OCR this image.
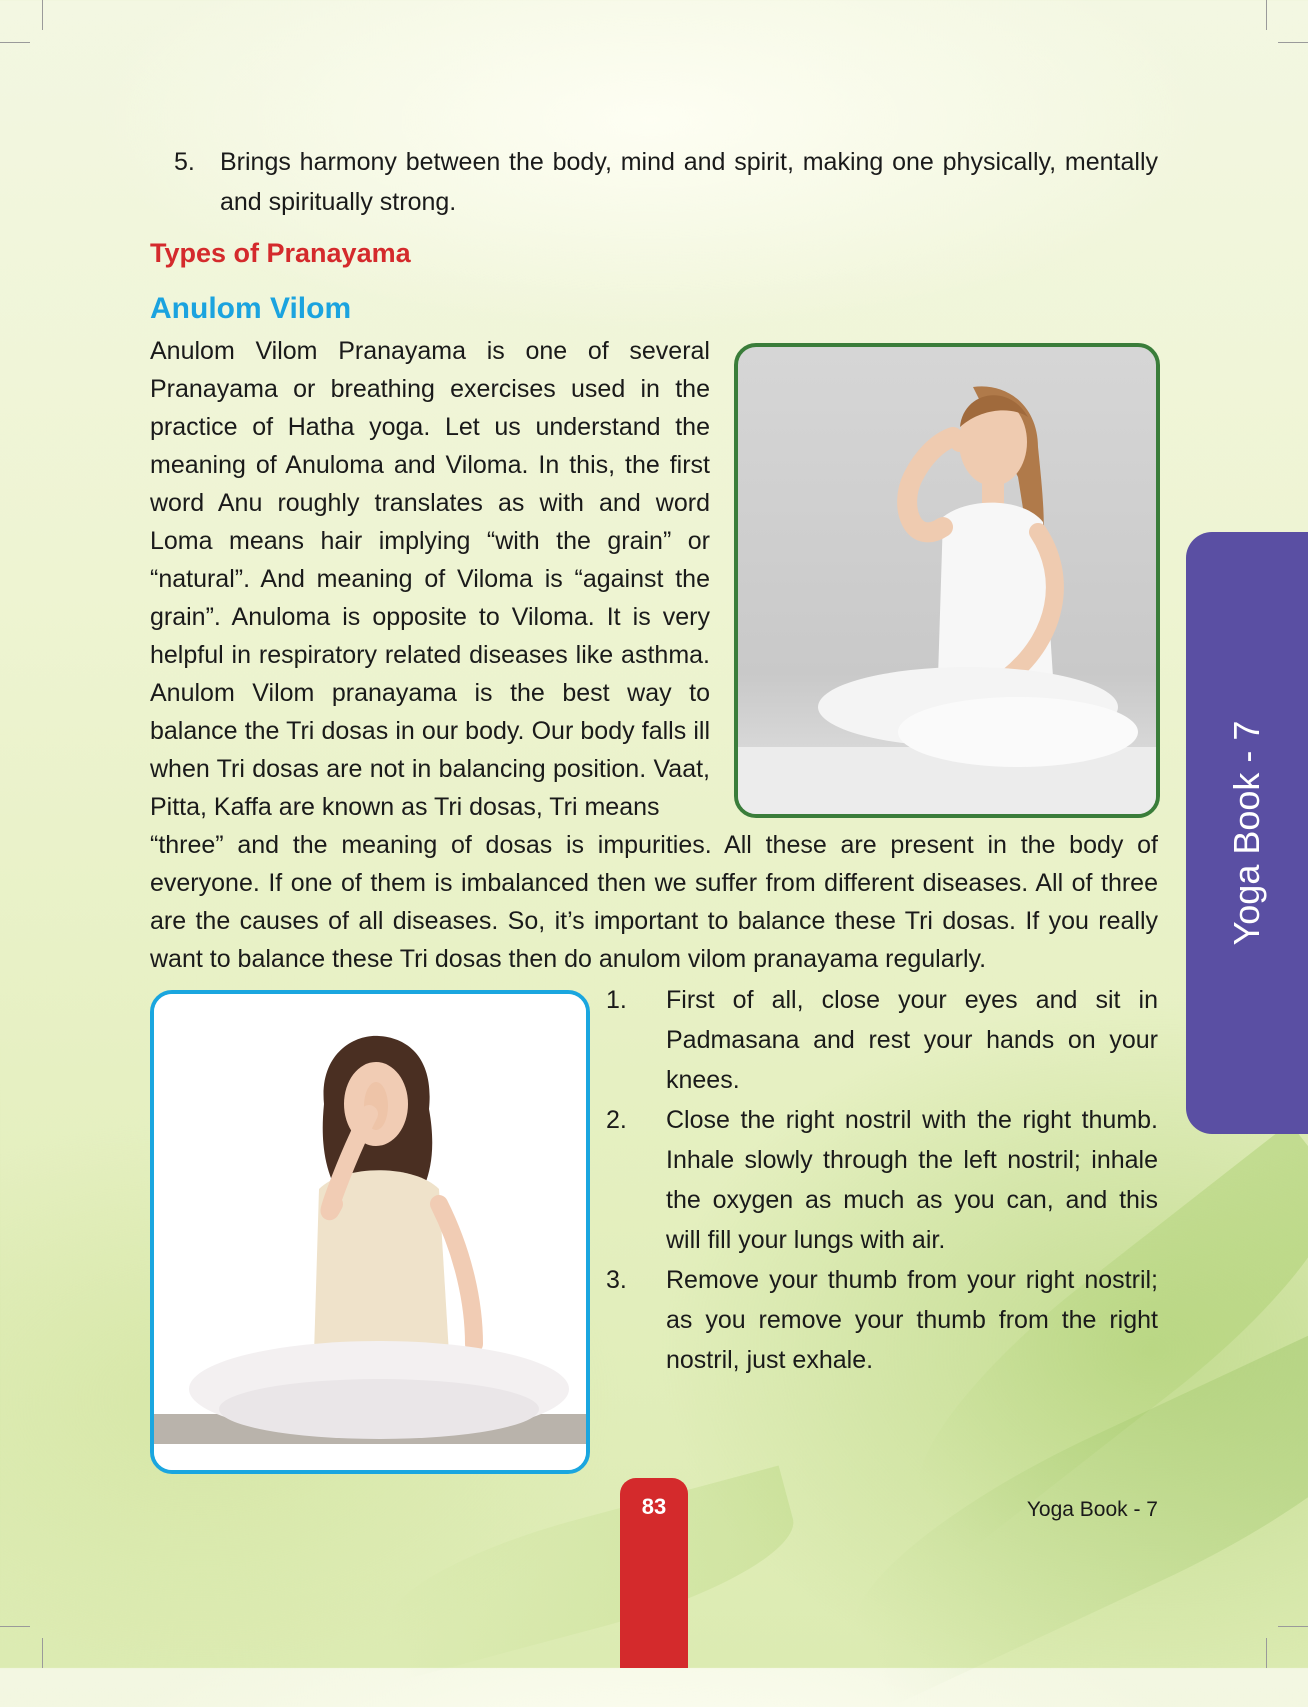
5. Brings harmony between the body, mind and spirit, making one physically, mentally and spiritually strong.
Types of Pranayama
Anulom Vilom
Anulom Vilom Pranayama is one of several Pranayama or breathing exercises used in the practice of Hatha yoga. Let us understand the meaning of Anuloma and Viloma. In this, the first word Anu roughly translates as with and word Loma means hair implying “with the grain” or “natural”. And meaning of Viloma is “against the grain”. Anuloma is opposite to Viloma. It is very helpful in respiratory related diseases like asthma. Anulom Vilom pranayama is the best way to balance the Tri dosas in our body. Our body falls ill when Tri dosas are not in balancing position. Vaat, Pitta, Kaffa are known as Tri dosas, Tri means
“three” and the meaning of dosas is impurities. All these are present in the body of everyone. If one of them is imbalanced then we suffer from different diseases. All of three are the causes of all diseases. So, it’s important to balance these Tri dosas. If you really want to balance these Tri dosas then do anulom vilom pranayama regularly.
1. First of all, close your eyes and sit in Padmasana and rest your hands on your knees.
2. Close the right nostril with the right thumb. Inhale slowly through the left nostril; inhale the oxygen as much as you can, and this will fill your lungs with air.
3. Remove your thumb from your right nostril; as you remove your thumb from the right nostril, just exhale.
Yoga Book - 7
83	Yoga Book - 7
